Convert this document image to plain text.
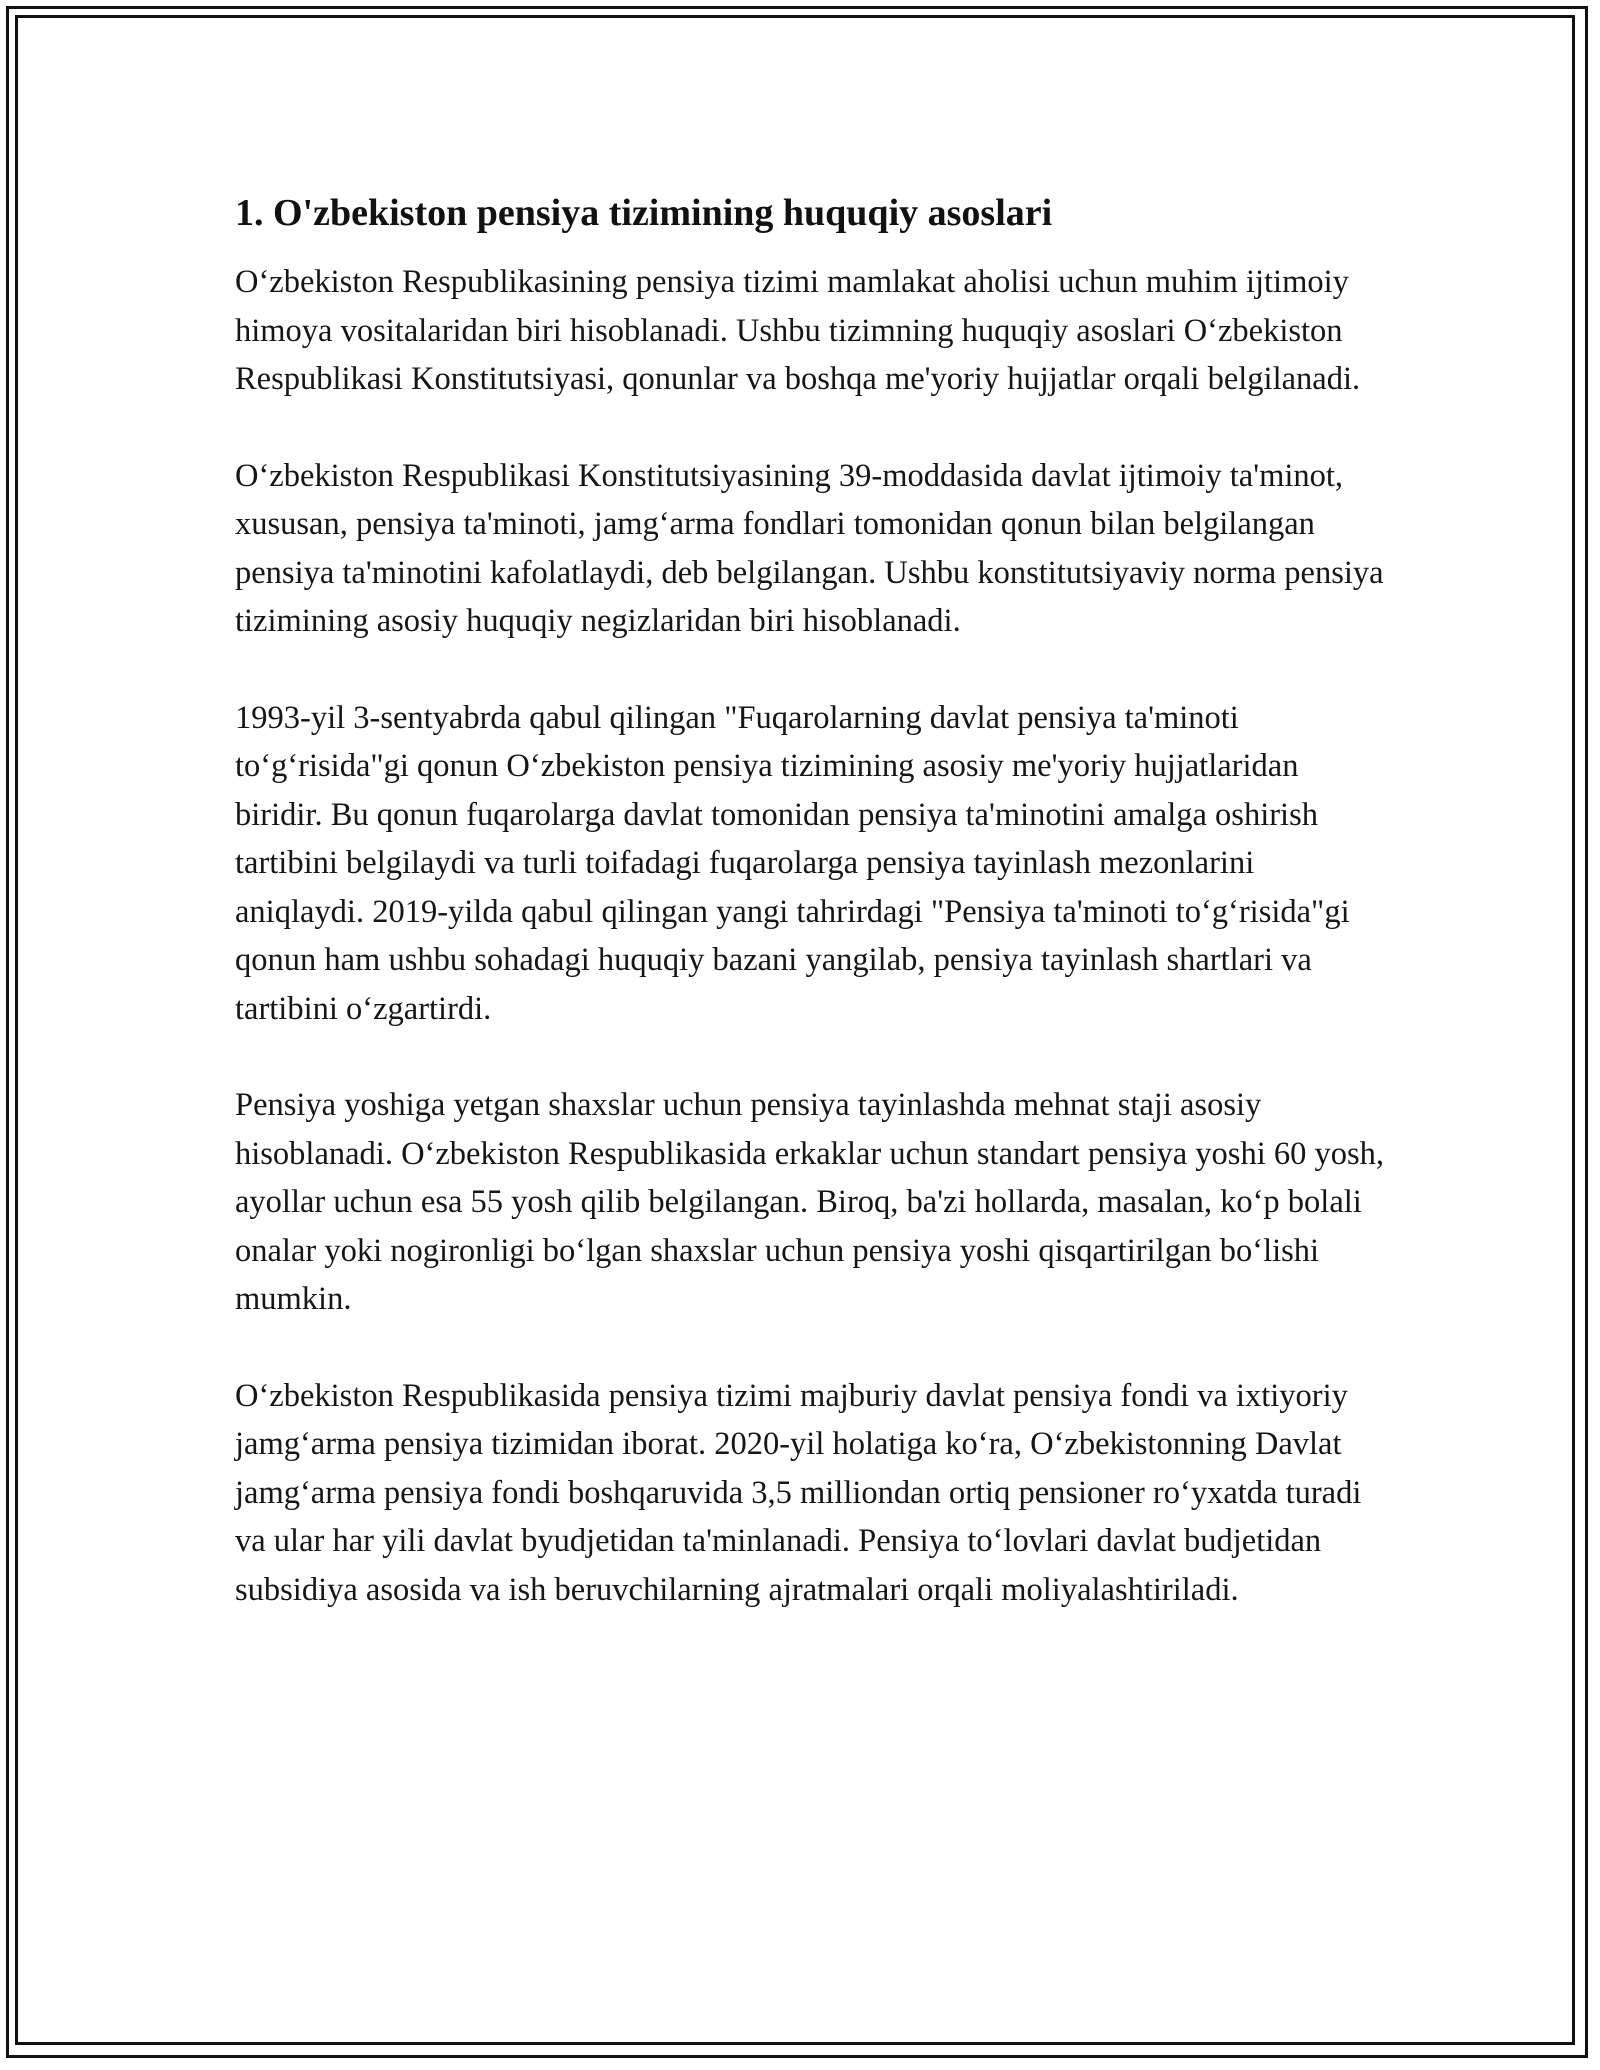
1. O'zbekiston pensiya tizimining huquqiy asoslari

O‘zbekiston Respublikasining pensiya tizimi mamlakat aholisi uchun muhim ijtimoiy himoya vositalaridan biri hisoblanadi. Ushbu tizimning huquqiy asoslari O‘zbekiston Respublikasi Konstitutsiyasi, qonunlar va boshqa me'yoriy hujjatlar orqali belgilanadi.

O‘zbekiston Respublikasi Konstitutsiyasining 39-moddasida davlat ijtimoiy ta'minot, xususan, pensiya ta'minoti, jamg‘arma fondlari tomonidan qonun bilan belgilangan pensiya ta'minotini kafolatlaydi, deb belgilangan. Ushbu konstitutsiyaviy norma pensiya tizimining asosiy huquqiy negizlaridan biri hisoblanadi.

1993-yil 3-sentyabrda qabul qilingan "Fuqarolarning davlat pensiya ta'minoti to‘g‘risida"gi qonun O‘zbekiston pensiya tizimining asosiy me'yoriy hujjatlaridan biridir. Bu qonun fuqarolarga davlat tomonidan pensiya ta'minotini amalga oshirish tartibini belgilaydi va turli toifadagi fuqarolarga pensiya tayinlash mezonlarini aniqlaydi. 2019-yilda qabul qilingan yangi tahrirdagi "Pensiya ta'minoti to‘g‘risida"gi qonun ham ushbu sohadagi huquqiy bazani yangilab, pensiya tayinlash shartlari va tartibini o‘zgartirdi.

Pensiya yoshiga yetgan shaxslar uchun pensiya tayinlashda mehnat staji asosiy hisoblanadi. O‘zbekiston Respublikasida erkaklar uchun standart pensiya yoshi 60 yosh, ayollar uchun esa 55 yosh qilib belgilangan. Biroq, ba'zi hollarda, masalan, ko‘p bolali onalar yoki nogironligi bo‘lgan shaxslar uchun pensiya yoshi qisqartirilgan bo‘lishi mumkin.

O‘zbekiston Respublikasida pensiya tizimi majburiy davlat pensiya fondi va ixtiyoriy jamg‘arma pensiya tizimidan iborat. 2020-yil holatiga ko‘ra, O‘zbekistonning Davlat jamg‘arma pensiya fondi boshqaruvida 3,5 milliondan ortiq pensioner ro‘yxatda turadi va ular har yili davlat byudjetidan ta'minlanadi. Pensiya to‘lovlari davlat budjetidan subsidiya asosida va ish beruvchilarning ajratmalari orqali moliyalashtiriladi.
